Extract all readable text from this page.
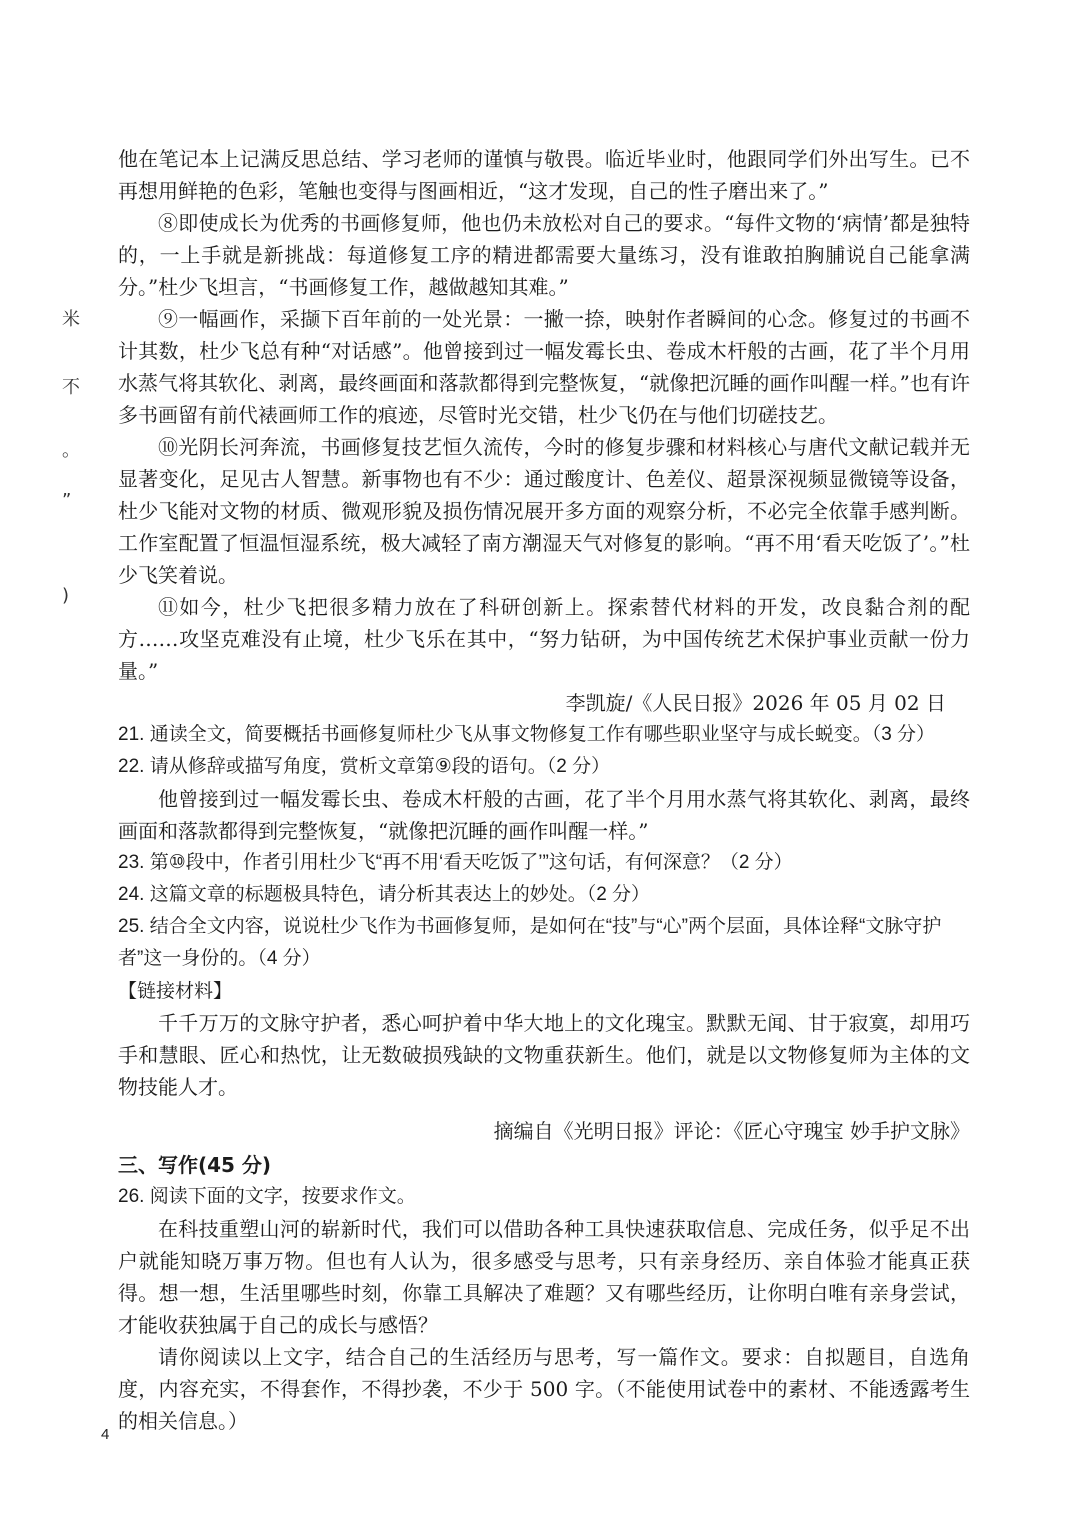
米
不
。
”
)

他在笔记本上记满反思总结、学习老师的谨慎与敬畏。临近毕业时，他跟同学们外出写生。已不再想用鲜艳的色彩，笔触也变得与图画相近，“这才发现，自己的性子磨出来了。”

⑧即使成长为优秀的书画修复师，他也仍未放松对自己的要求。“每件文物的‘病情’都是独特的，一上手就是新挑战：每道修复工序的精进都需要大量练习，没有谁敢拍胸脯说自己能拿满分。”杜少飞坦言，“书画修复工作，越做越知其难。”

⑨一幅画作，采撷下百年前的一处光景：一撇一捺，映射作者瞬间的心念。修复过的书画不计其数，杜少飞总有种“对话感”。他曾接到过一幅发霉长虫、卷成木杆般的古画，花了半个月用水蒸气将其软化、剥离，最终画面和落款都得到完整恢复，“就像把沉睡的画作叫醒一样。”也有许多书画留有前代裱画师工作的痕迹，尽管时光交错，杜少飞仍在与他们切磋技艺。

⑩光阴长河奔流，书画修复技艺恒久流传，今时的修复步骤和材料核心与唐代文献记载并无显著变化，足见古人智慧。新事物也有不少：通过酸度计、色差仪、超景深视频显微镜等设备，杜少飞能对文物的材质、微观形貌及损伤情况展开多方面的观察分析，不必完全依靠手感判断。工作室配置了恒温恒湿系统，极大减轻了南方潮湿天气对修复的影响。“再不用‘看天吃饭了’。”杜少飞笑着说。

⑪如今，杜少飞把很多精力放在了科研创新上。探索替代材料的开发，改良黏合剂的配方……攻坚克难没有止境，杜少飞乐在其中，“努力钻研，为中国传统艺术保护事业贡献一份力量。”

李凯旋/《人民日报》2026 年 05 月 02 日

21. 通读全文，简要概括书画修复师杜少飞从事文物修复工作有哪些职业坚守与成长蜕变。（3 分）

22. 请从修辞或描写角度，赏析文章第⑨段的语句。（2 分）

他曾接到过一幅发霉长虫、卷成木杆般的古画，花了半个月用水蒸气将其软化、剥离，最终画面和落款都得到完整恢复，“就像把沉睡的画作叫醒一样。”

23. 第⑩段中，作者引用杜少飞“再不用‘看天吃饭了’”这句话，有何深意？（2 分）

24. 这篇文章的标题极具特色，请分析其表达上的妙处。（2 分）

25. 结合全文内容，说说杜少飞作为书画修复师，是如何在“技”与“心”两个层面，具体诠释“文脉守护者”这一身份的。（4 分）

【链接材料】

千千万万的文脉守护者，悉心呵护着中华大地上的文化瑰宝。默默无闻、甘于寂寞，却用巧手和慧眼、匠心和热忱，让无数破损残缺的文物重获新生。他们，就是以文物修复师为主体的文物技能人才。

摘编自《光明日报》评论：《匠心守瑰宝 妙手护文脉》

三、写作(45 分)

26. 阅读下面的文字，按要求作文。

在科技重塑山河的崭新时代，我们可以借助各种工具快速获取信息、完成任务，似乎足不出户就能知晓万事万物。但也有人认为，很多感受与思考，只有亲身经历、亲自体验才能真正获得。想一想，生活里哪些时刻，你靠工具解决了难题？又有哪些经历，让你明白唯有亲身尝试，才能收获独属于自己的成长与感悟？

请你阅读以上文字，结合自己的生活经历与思考，写一篇作文。要求：自拟题目，自选角度，内容充实，不得套作，不得抄袭，不少于 500 字。（不能使用试卷中的素材、不能透露考生的相关信息。）

4
